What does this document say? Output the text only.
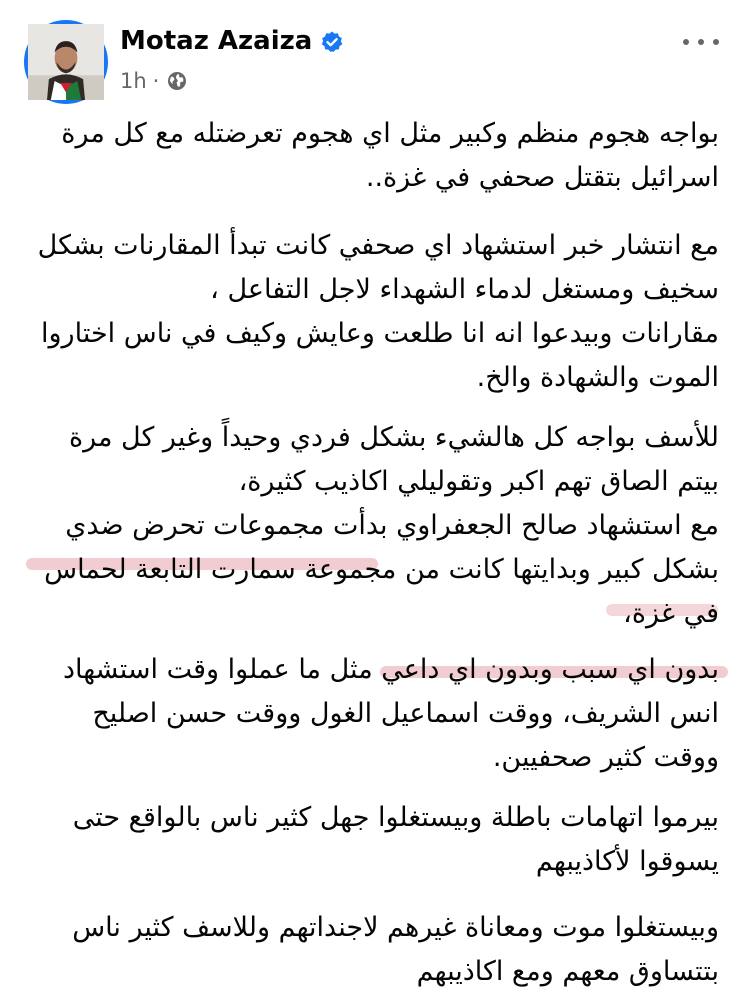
Motaz Azaiza
1h ·
بواجه هجوم منظم وكبير مثل اي هجوم تعرضتله مع كل مرة
اسرائيل بتقتل صحفي في غزة..
مع انتشار خبر استشهاد اي صحفي كانت تبدأ المقارنات بشكل
سخيف ومستغل لدماء الشهداء لاجل التفاعل ،
مقارانات وبيدعوا انه انا طلعت وعايش وكيف في ناس اختاروا
الموت والشهادة والخ.
للأسف بواجه كل هالشيء بشكل فردي وحيداً وغير كل مرة
بيتم الصاق تهم اكبر وتقوليلي اكاذيب كثيرة،
مع استشهاد صالح الجعفراوي بدأت مجموعات تحرض ضدي
بشكل كبير وبدايتها كانت من مجموعة سمارت التابعة لحماس
في غزة،
بدون اي سبب وبدون اي داعي مثل ما عملوا وقت استشهاد
انس الشريف، ووقت اسماعيل الغول ووقت حسن اصليح
ووقت كثير صحفيين.
بيرموا اتهامات باطلة وبيستغلوا جهل كثير ناس بالواقع حتى
يسوقوا لأكاذيبهم
وبيستغلوا موت ومعاناة غيرهم لاجنداتهم وللاسف كثير ناس
بتتساوق معهم ومع اكاذيبهم
